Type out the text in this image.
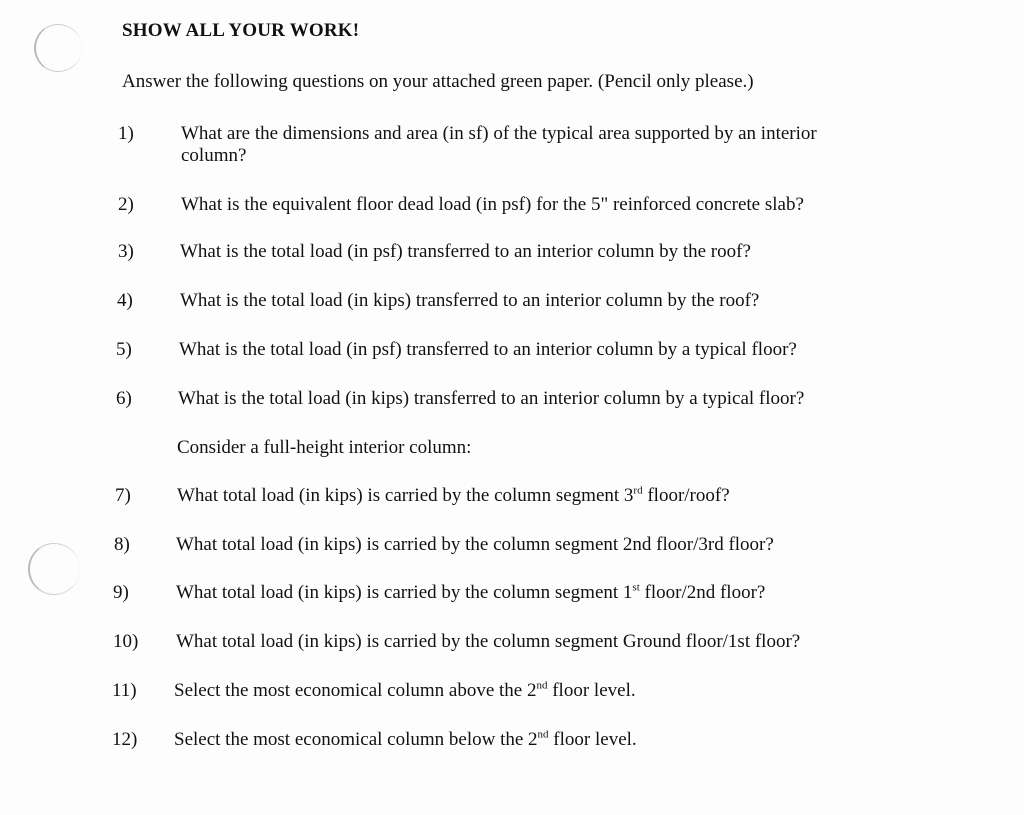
SHOW ALL YOUR WORK!
Answer the following questions on your attached green paper. (Pencil only please.)
1) What are the dimensions and area (in sf) of the typical area supported by an interior column?
2) What is the equivalent floor dead load (in psf) for the 5" reinforced concrete slab?
3) What is the total load (in psf) transferred to an interior column by the roof?
4) What is the total load (in kips) transferred to an interior column by the roof?
5) What is the total load (in psf) transferred to an interior column by a typical floor?
6) What is the total load (in kips) transferred to an interior column by a typical floor?
Consider a full-height interior column:
7) What total load (in kips) is carried by the column segment 3rd floor/roof?
8) What total load (in kips) is carried by the column segment 2nd floor/3rd floor?
9) What total load (in kips) is carried by the column segment 1st floor/2nd floor?
10) What total load (in kips) is carried by the column segment Ground floor/1st floor?
11) Select the most economical column above the 2nd floor level.
12) Select the most economical column below the 2nd floor level.
